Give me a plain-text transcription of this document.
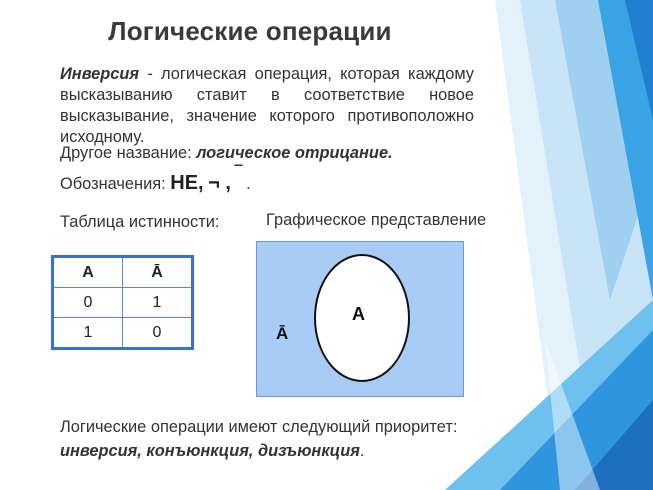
Логические операции
Инверсия - логическая операция, которая каждому высказыванию ставит в соответствие новое высказывание, значение которого противоположно исходному.
Другое название: логическое отрицание.
Обозначения: НЕ, ¬ , ‾ .
Таблица истинности:	Графическое представление
A	Ā
0	1
1	0
A
Ā
Логические операции имеют следующий приоритет:
инверсия, конъюнкция, дизъюнкция.
